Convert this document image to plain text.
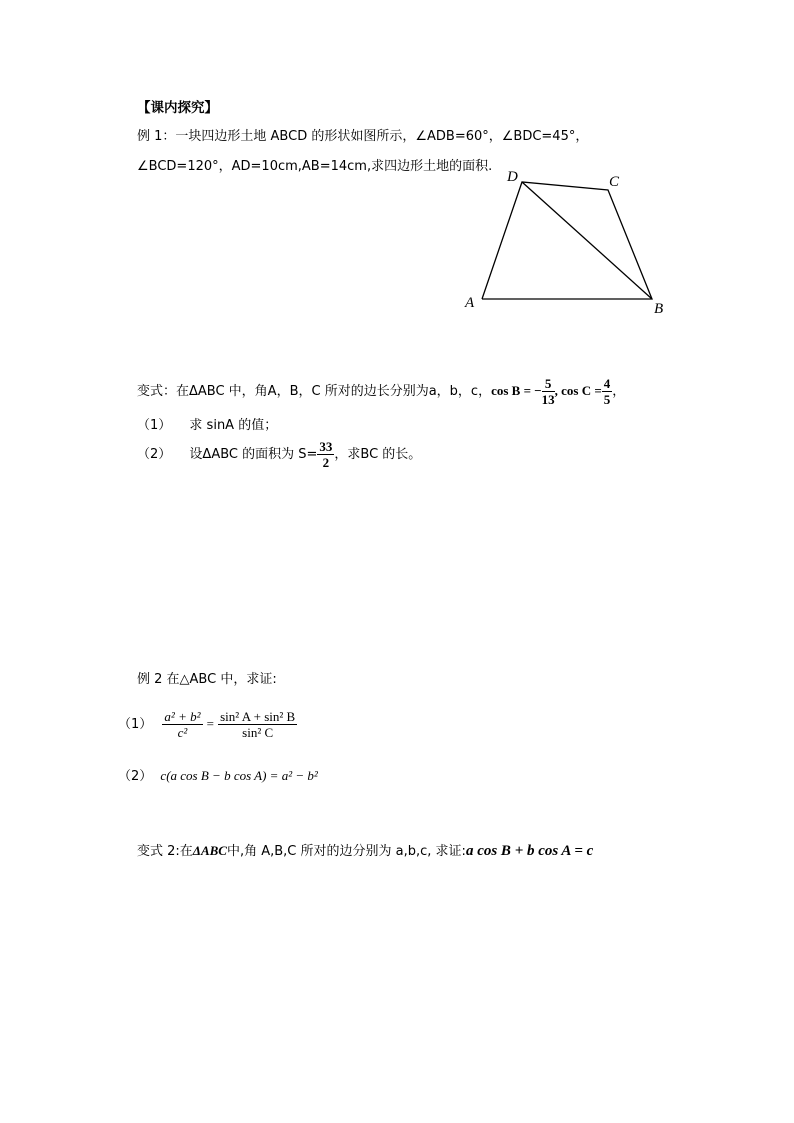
【课内探究】
例 1：一块四边形土地 ABCD 的形状如图所示，∠ADB=60°，∠BDC=45°，
∠BCD=120°，AD=10cm,AB=14cm,求四边形土地的面积.
A	B
C
D
变式：在ΔABC 中，角A，B，C 所对的边长分别为a，b，c，cos B = − $\frac{5}{13}$ , $\cos C = \frac{4}{5}$ ，
（1） 求 sinA 的值；
（2） 设ΔABC 的面积为 $S= \frac{33}{2}$ ，求BC 的长。
例 2 在△ABC 中，求证:
$(1) \frac{\text{a² + b²}}{\text{c²}} = \frac{\text{sin² A + sin² B}}{\text{sin² C}}$
（2） c(a cos B − b cos A) = a² − b²
变式 2:在ΔABC中,角 A,B,C 所对的边分别为 a,b,c, 求证:a cos B + b cos A = c
